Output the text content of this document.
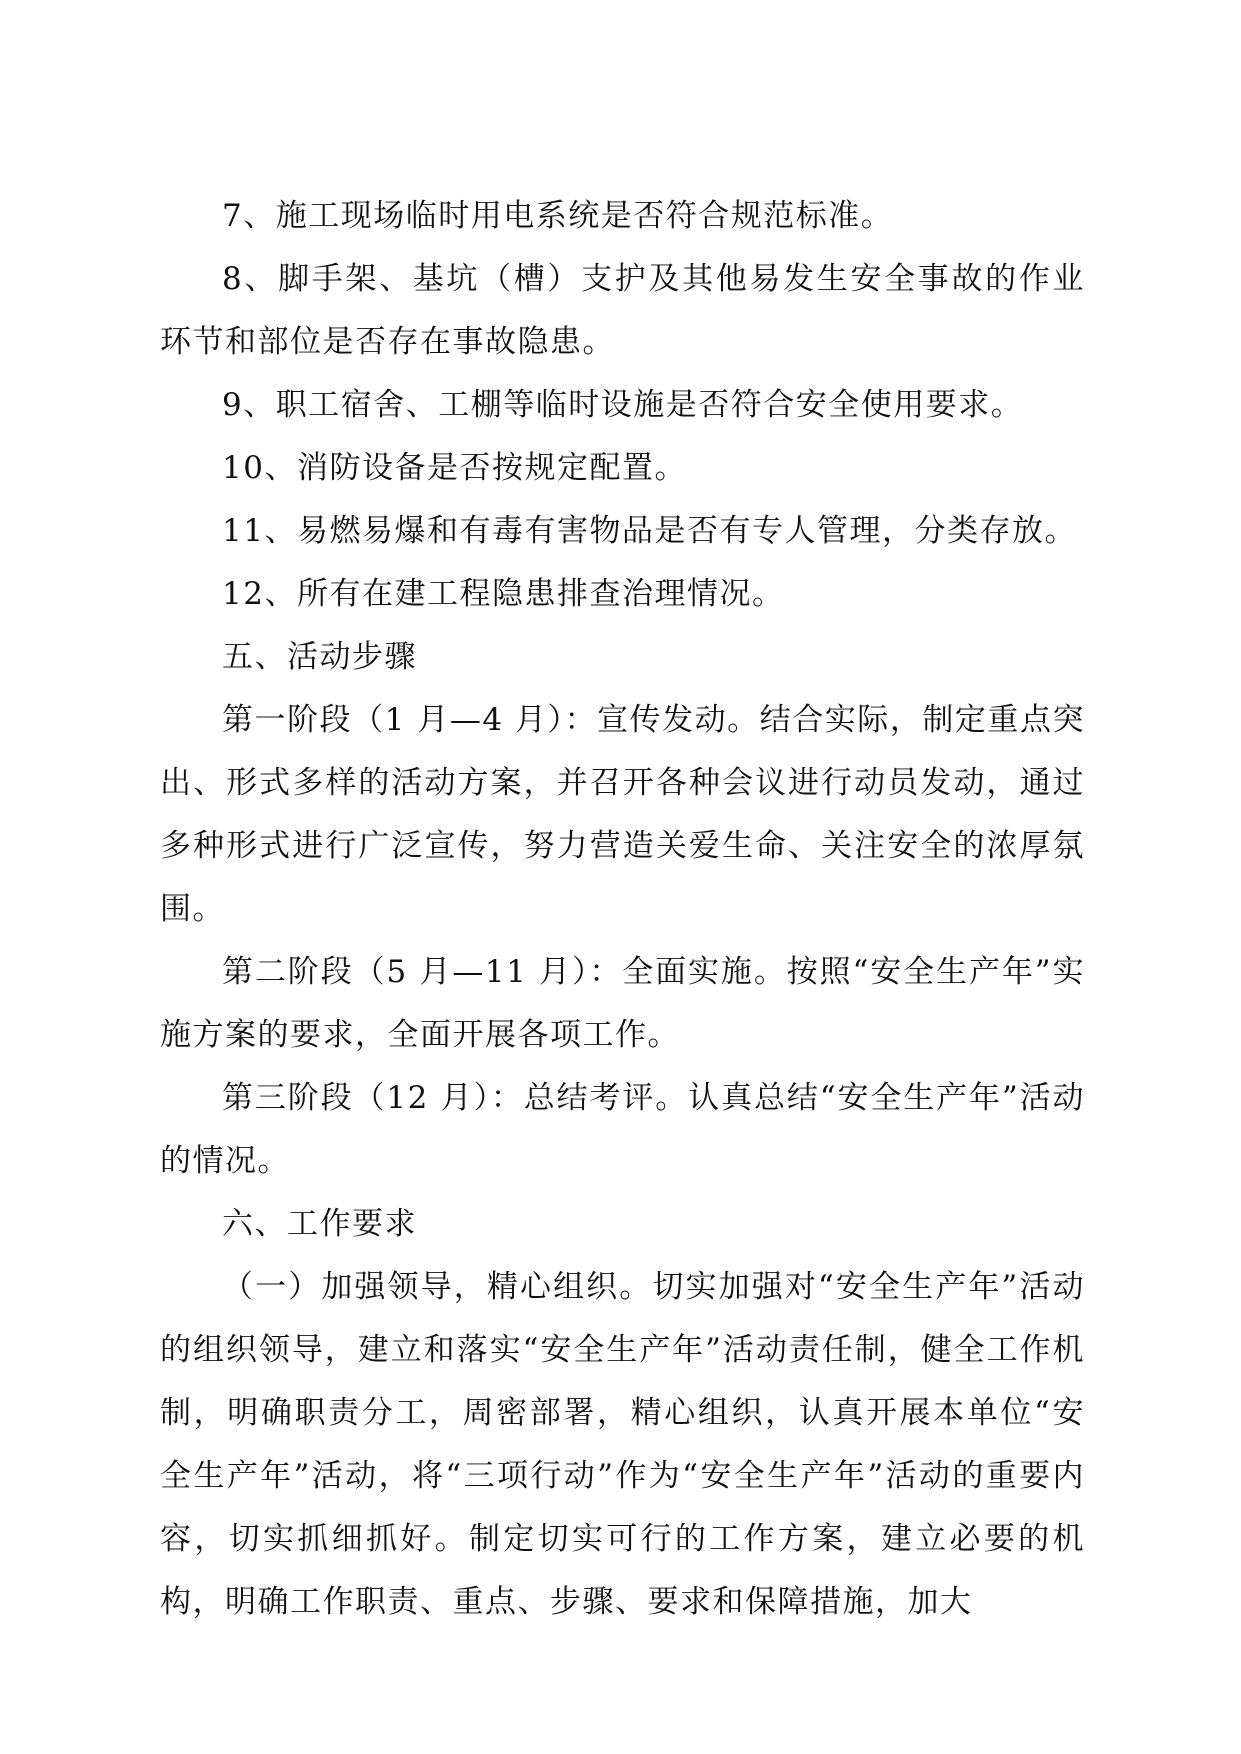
7、施工现场临时用电系统是否符合规范标准。

8、脚手架、基坑（槽）支护及其他易发生安全事故的作业环节和部位是否存在事故隐患。

9、职工宿舍、工棚等临时设施是否符合安全使用要求。

10、消防设备是否按规定配置。

11、易燃易爆和有毒有害物品是否有专人管理，分类存放。

12、所有在建工程隐患排查治理情况。

五、活动步骤

第一阶段（1 月—4 月）：宣传发动。结合实际，制定重点突出、形式多样的活动方案，并召开各种会议进行动员发动，通过多种形式进行广泛宣传，努力营造关爱生命、关注安全的浓厚氛围。

第二阶段（5 月—11 月）：全面实施。按照“安全生产年”实施方案的要求，全面开展各项工作。

第三阶段（12 月）：总结考评。认真总结“安全生产年”活动的情况。

六、工作要求

（一）加强领导，精心组织。切实加强对“安全生产年”活动的组织领导，建立和落实“安全生产年”活动责任制，健全工作机制，明确职责分工，周密部署，精心组织，认真开展本单位“安全生产年”活动，将“三项行动”作为“安全生产年”活动的重要内容，切实抓细抓好。制定切实可行的工作方案，建立必要的机构，明确工作职责、重点、步骤、要求和保障措施，加大
